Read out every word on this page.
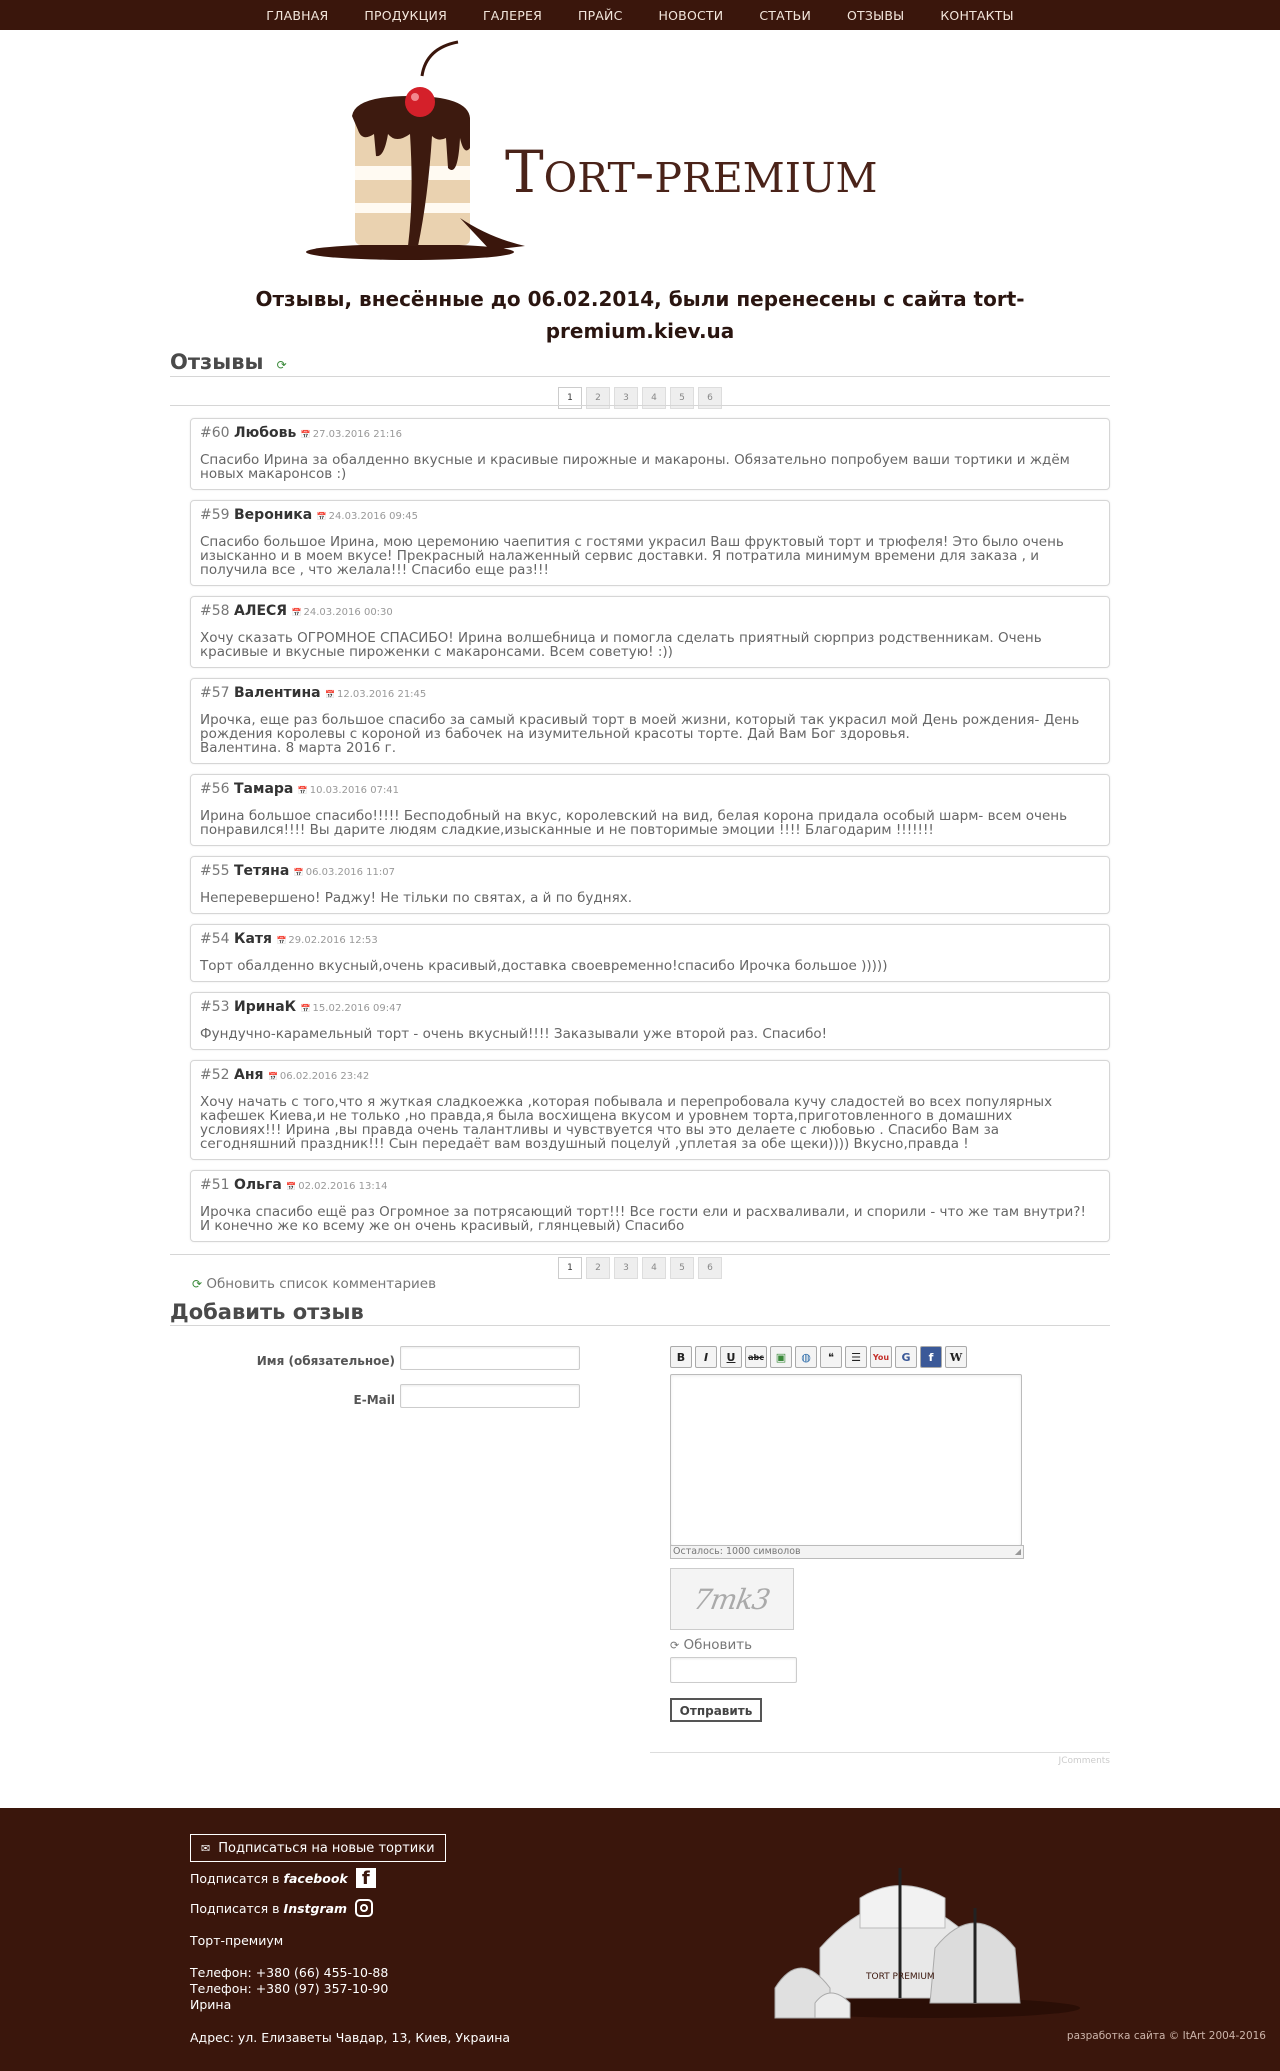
ГЛАВНАЯ	ПРОДУКЦИЯ	ГАЛЕРЕЯ	ПРАЙС	НОВОСТИ	СТАТЬИ	ОТЗЫВЫ	КОНТАКТЫ
Tort-premium
Отзывы, внесённые до 06.02.2014, были перенесены с сайта tort-premium.kiev.ua
Отзывы ⟳
1	2	3	4	5	6
#60 Любовь 📅 27.03.2016 21:16
Спасибо Ирина за обалденно вкусные и красивые пирожные и макароны. Обязательно попробуем ваши тортики и ждём
новых макаронсов :)
#59 Вероника 📅 24.03.2016 09:45
Спасибо большое Ирина, мою церемонию чаепития с гостями украсил Ваш фруктовый торт и трюфеля! Это было очень
изысканно и в моем вкусе! Прекрасный налаженный сервис доставки. Я потратила минимум времени для заказа , и
получила все , что желала!!! Спасибо еще раз!!!
#58 АЛЕСЯ 📅 24.03.2016 00:30
Хочу сказать ОГРОМНОЕ СПАСИБО! Ирина волшебница и помогла сделать приятный сюрприз родственникам. Очень
красивые и вкусные пироженки с макаронсами. Всем советую! :))
#57 Валентина 📅 12.03.2016 21:45
Ирочка, еще раз большое спасибо за самый красивый торт в моей жизни, который так украсил мой День рождения- День
рождения королевы с короной из бабочек на изумительной красоты торте. Дай Вам Бог здоровья.
Валентина. 8 марта 2016 г.
#56 Тамара 📅 10.03.2016 07:41
Ирина большое спасибо!!!!! Бесподобный на вкус, королевский на вид, белая корона придала особый шарм- всем очень
понравился!!!! Вы дарите людям сладкие,изысканные и не повторимые эмоции !!!! Благодарим !!!!!!!
#55 Тетяна 📅 06.03.2016 11:07
Неперевершено! Раджу! Не тільки по святах, а й по буднях.
#54 Катя 📅 29.02.2016 12:53
Торт обалденно вкусный,очень красивый,доставка своевременно!спасибо Ирочка большое )))))
#53 ИринаК 📅 15.02.2016 09:47
Фундучно-карамельный торт - очень вкусный!!!! Заказывали уже второй раз. Спасибо!
#52 Аня 📅 06.02.2016 23:42
Хочу начать с того,что я жуткая сладкоежка ,которая побывала и перепробовала кучу сладостей во всех популярных
кафешек Киева,и не только ,но правда,я была восхищена вкусом и уровнем торта,приготовленного в домашних
условиях!!! Ирина ,вы правда очень талантливы и чувствуется что вы это делаете с любовью . Спасибо Вам за
сегодняшний праздник!!! Сын передаёт вам воздушный поцелуй ,уплетая за обе щеки)))) Вкусно,правда !
#51 Ольга 📅 02.02.2016 13:14
Ирочка спасибо ещё раз Огромное за потрясающий торт!!! Все гости ели и расхваливали, и спорили - что же там внутри?!
И конечно же ко всему же он очень красивый, глянцевый) Спасибо
1	2	3	4	5	6
⟳ Обновить список комментариев
Добавить отзыв
Имя (обязательное)
E-Mail
B	I	U	abc	▣	◍	❝	☰	You	G	f	W
Осталось: 1000 символов	◢
7mk3
⟳ Обновить
Отправить
JComments
✉ Подписаться на новые тортики
Подписатся в facebook f
Подписатся в Instgram
Торт-премиум
Телефон: +380 (66) 455-10-88
Телефон: +380 (97) 357-10-90
Ирина
Адрес: ул. Елизаветы Чавдар, 13, Киев, Украина
TORT PREMIUM
разработка сайта © ItArt 2004-2016
